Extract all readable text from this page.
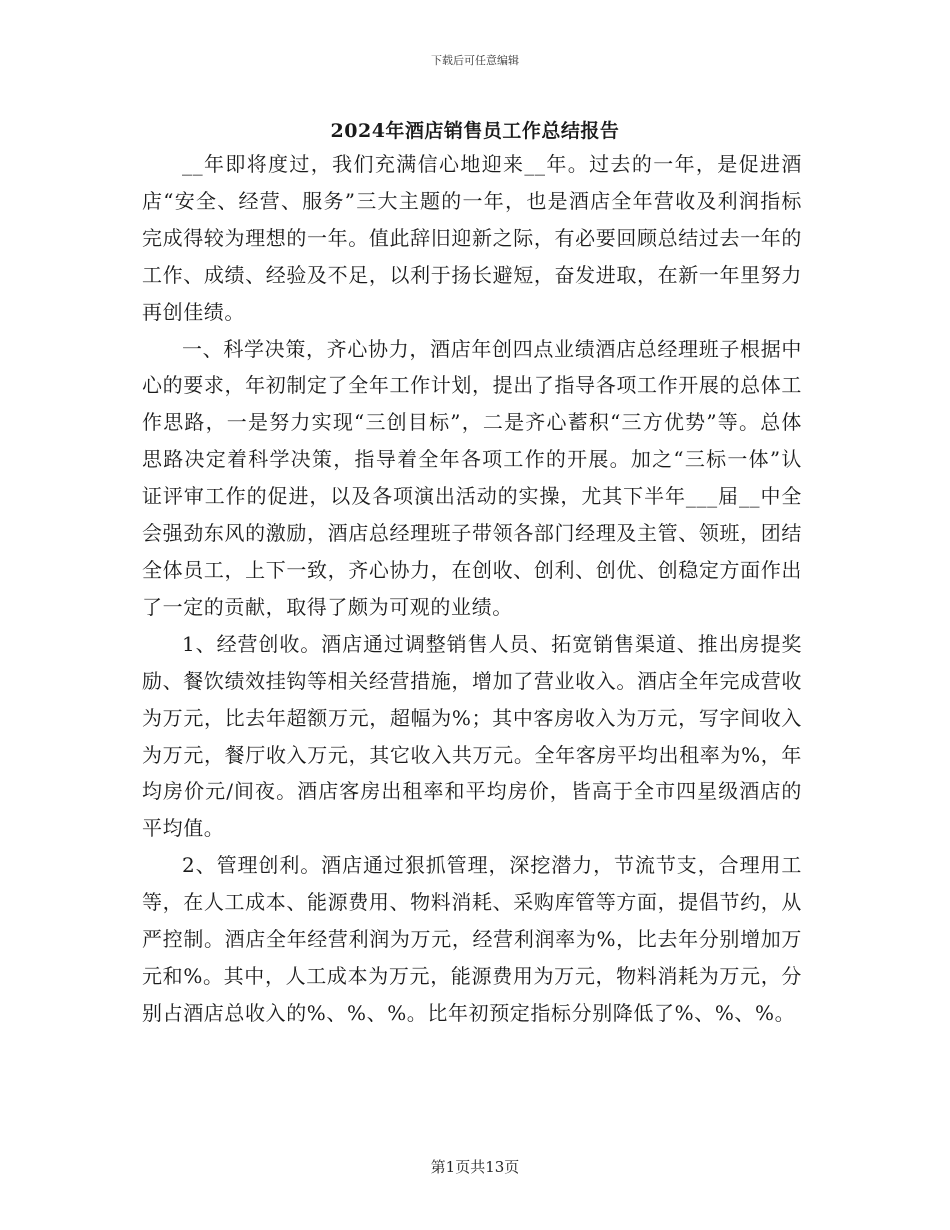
下载后可任意编辑
2024年酒店销售员工作总结报告

__年即将度过，我们充满信心地迎来__年。过去的一年，是促进酒店“安全、经营、服务”三大主题的一年，也是酒店全年营收及利润指标完成得较为理想的一年。值此辞旧迎新之际，有必要回顾总结过去一年的工作、成绩、经验及不足，以利于扬长避短，奋发进取，在新一年里努力再创佳绩。

一、科学决策，齐心协力，酒店年创四点业绩酒店总经理班子根据中心的要求，年初制定了全年工作计划，提出了指导各项工作开展的总体工作思路，一是努力实现“三创目标”，二是齐心蓄积“三方优势”等。总体思路决定着科学决策，指导着全年各项工作的开展。加之“三标一体”认证评审工作的促进，以及各项演出活动的实操，尤其下半年___届__中全会强劲东风的激励，酒店总经理班子带领各部门经理及主管、领班，团结全体员工，上下一致，齐心协力，在创收、创利、创优、创稳定方面作出了一定的贡献，取得了颇为可观的业绩。

1、经营创收。酒店通过调整销售人员、拓宽销售渠道、推出房提奖励、餐饮绩效挂钩等相关经营措施，增加了营业收入。酒店全年完成营收为万元，比去年超额万元，超幅为%；其中客房收入为万元，写字间收入为万元，餐厅收入万元，其它收入共万元。全年客房平均出租率为%，年均房价元/间夜。酒店客房出租率和平均房价，皆高于全市四星级酒店的平均值。

2、管理创利。酒店通过狠抓管理，深挖潜力，节流节支，合理用工等，在人工成本、能源费用、物料消耗、采购库管等方面，提倡节约，从严控制。酒店全年经营利润为万元，经营利润率为%，比去年分别增加万元和%。其中，人工成本为万元，能源费用为万元，物料消耗为万元，分别占酒店总收入的%、%、%。比年初预定指标分别降低了%、%、%。

第1页共13页
